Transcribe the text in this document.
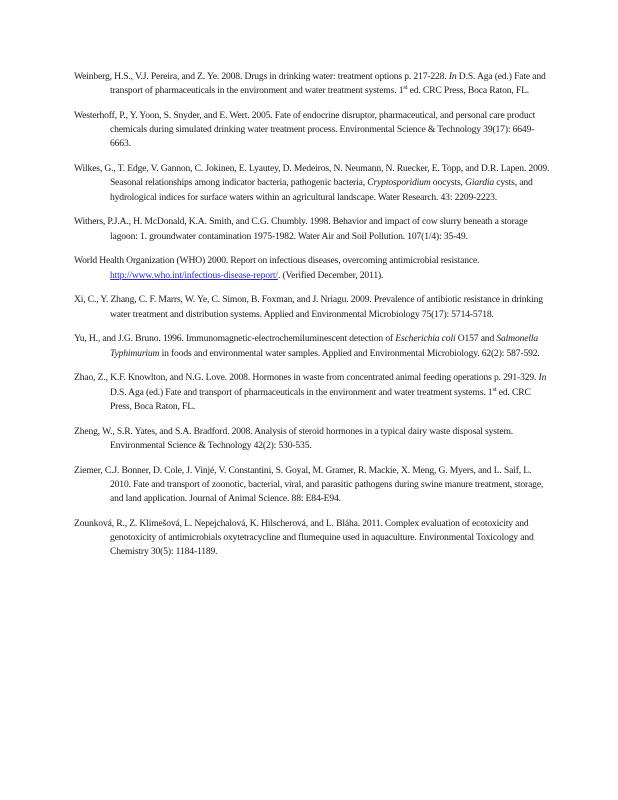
Weinberg, H.S., V.J. Pereira, and Z. Ye. 2008. Drugs in drinking water: treatment options p. 217-228. In D.S. Aga (ed.) Fate and transport of pharmaceuticals in the environment and water treatment systems. 1st ed. CRC Press, Boca Raton, FL.
Westerhoff, P., Y. Yoon, S. Snyder, and E. Wert. 2005. Fate of endocrine disruptor, pharmaceutical, and personal care product chemicals during simulated drinking water treatment process. Environmental Science & Technology 39(17): 6649-6663.
Wilkes, G., T. Edge, V. Gannon, C. Jokinen, E. Lyautey, D. Medeiros, N. Neumann, N. Ruecker, E. Topp, and D.R. Lapen. 2009. Seasonal relationships among indicator bacteria, pathogenic bacteria, Cryptosporidium oocysts, Giardia cysts, and hydrological indices for surface waters within an agricultural landscape. Water Research. 43: 2209-2223.
Withers, P.J.A., H. McDonald, K.A. Smith, and C.G. Chumbly. 1998. Behavior and impact of cow slurry beneath a storage lagoon: 1. groundwater contamination 1975-1982. Water Air and Soil Pollution. 107(1/4): 35-49.
World Health Organization (WHO) 2000. Report on infectious diseases, overcoming antimicrobial resistance. http://www.who.int/infectious-disease-report/. (Verified December, 2011).
Xi, C., Y. Zhang, C. F. Marrs, W. Ye, C. Simon, B. Foxman, and J. Nriagu. 2009. Prevalence of antibiotic resistance in drinking water treatment and distribution systems. Applied and Environmental Microbiology 75(17): 5714-5718.
Yu, H., and J.G. Bruno. 1996. Immunomagnetic-electrochemiluminescent detection of Escherichia coli O157 and Salmonella Typhimurium in foods and environmental water samples. Applied and Environmental Microbiology. 62(2): 587-592.
Zhao, Z., K.F. Knowlton, and N.G. Love. 2008. Hormones in waste from concentrated animal feeding operations p. 291-329. In D.S. Aga (ed.) Fate and transport of pharmaceuticals in the environment and water treatment systems. 1st ed. CRC Press, Boca Raton, FL.
Zheng, W., S.R. Yates, and S.A. Bradford. 2008. Analysis of steroid hormones in a typical dairy waste disposal system. Environmental Science & Technology 42(2): 530-535.
Ziemer, C.J. Bonner, D. Cole, J. Vinjé, V. Constantini, S. Goyal, M. Gramer, R. Mackie, X. Meng, G. Myers, and L. Saif, L. 2010. Fate and transport of zoonotic, bacterial, viral, and parasitic pathogens during swine manure treatment, storage, and land application. Journal of Animal Science. 88: E84-E94.
Zounková, R., Z. Klimešová, L. Nepejchalová, K. Hilscherová, and L. Bláha. 2011. Complex evaluation of ecotoxicity and genotoxicity of antimicrobials oxytetracycline and flumequine used in aquaculture. Environmental Toxicology and Chemistry 30(5): 1184-1189.
